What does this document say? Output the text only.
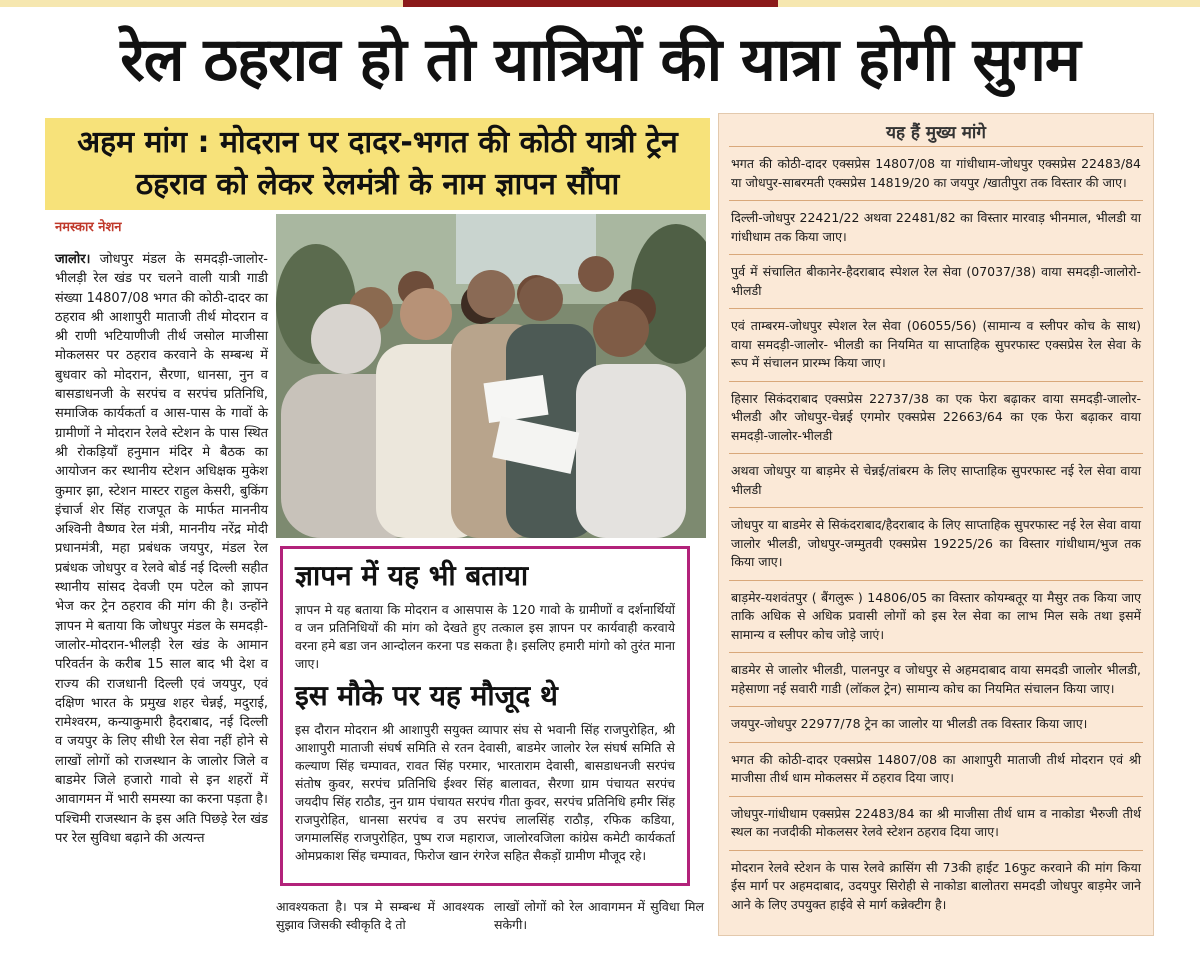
रेल ठहराव हो तो यात्रियों की यात्रा होगी सुगम
अहम मांग : मोदरान पर दादर-भगत की कोठी यात्री ट्रेन
ठहराव को लेकर रेलमंत्री के नाम ज्ञापन सौंपा
नमस्कार नेशन
जालोर। जोधपुर मंडल के समदड़ी-जालोर-भीलड़ी रेल खंड पर चलने वाली यात्री गाडी संख्या 14807/08 भगत की कोठी-दादर का ठहराव श्री आशापुरी माताजी तीर्थ मोदरान व श्री राणी भटियाणीजी तीर्थ जसोल माजीसा मोकलसर पर ठहराव करवाने के सम्बन्ध में बुधवार को मोदरान, सैरणा, धानसा, नुन व बासडाधनजी के सरपंच व सरपंच प्रतिनिधि, समाजिक कार्यकर्ता व आस-पास के गावों के ग्रामीणों ने मोदरान रेलवे स्टेशन के पास स्थित श्री रोकड़ियाँ हनुमान मंदिर मे बैठक का आयोजन कर स्थानीय स्टेशन अधिक्षक मुकेश कुमार झा, स्टेशन मास्टर राहुल केसरी, बुकिंग इंचार्ज शेर सिंह राजपूत के मार्फत माननीय अश्विनी वैष्णव रेल मंत्री, माननीय नरेंद्र मोदी प्रधानमंत्री, महा प्रबंधक जयपुर, मंडल रेल प्रबंधक जोधपुर व रेलवे बोर्ड नई दिल्ली सहीत स्थानीय सांसद देवजी एम पटेल को ज्ञापन भेज कर ट्रेन ठहराव की मांग की है। उन्होंने ज्ञापन मे बताया कि जोधपुर मंडल के समदड़ी-जालोर-मोदरान-भीलड़ी रेल खंड के आमान परिवर्तन के करीब 15 साल बाद भी देश व राज्य की राजधानी दिल्ली एवं जयपुर, एवं दक्षिण भारत के प्रमुख शहर चेन्नई, मदुराई, रामेश्वरम, कन्याकुमारी हैदराबाद, नई दिल्ली व जयपुर के लिए सीधी रेल सेवा नहीं होने से लाखों लोगों को राजस्थान के जालोर जिले व बाडमेर जिले हजारो गावो से इन शहरों में आवागमन में भारी समस्या का करना पड़ता है। पश्चिमी राजस्थान के इस अति पिछड़े रेल खंड पर रेल सुविधा बढ़ाने की अत्यन्त
ज्ञापन में यह भी बताया

ज्ञापन मे यह बताया कि मोदरान व आसपास के 120 गावो के ग्रामीणों व दर्शनार्थियों व जन प्रतिनिधियों की मांग को देखते हुए तत्काल इस ज्ञापन पर कार्यवाही करवाये वरना हमे बडा जन आन्दोलन करना पड सकता है। इसलिए हमारी मांगो को तुरंत माना जाए।

इस मौके पर यह मौजूद थे

इस दौरान मोदरान श्री आशापुरी सयुक्त व्यापार संघ से भवानी सिंह राजपुरोहित, श्री आशापुरी माताजी संघर्ष समिति से रतन देवासी, बाडमेर जालोर रेल संघर्ष समिति से कल्याण सिंह चम्पावत, रावत सिंह परमार, भारताराम देवासी, बासडाधनजी सरपंच संतोष कुवर, सरपंच प्रतिनिधि ईश्वर सिंह बालावत, सैरणा ग्राम पंचायत सरपंच जयदीप सिंह राठौड, नुन ग्राम पंचायत सरपंच गीता कुवर, सरपंच प्रतिनिधि हमीर सिंह राजपुरोहित, धानसा सरपंच व उप सरपंच लालसिंह राठौड़, रफिक कडिया, जगमालसिंह राजपुरोहित, पुष्प राज महाराज, जालोरवजिला कांग्रेस कमेटी कार्यकर्ता ओमप्रकाश सिंह चम्पावत, फिरोज खान रंगरेज सहित सैकड़ों ग्रामीण मौजूद रहे।

आवश्यकता है। पत्र मे सम्बन्ध में आवश्यक सुझाव जिसकी स्वीकृति दे तो
लाखों लोगों को रेल आवागमन में सुविधा मिल सकेगी।
यह हैं मुख्य मांगे
भगत की कोठी-दादर एक्सप्रेस 14807/08 या गांधीधाम-जोधपुर एक्सप्रेस 22483/84 या जोधपुर-साबरमती एक्सप्रेस 14819/20 का जयपुर /खातीपुरा तक विस्तार की जाए।
दिल्ली-जोधपुर 22421/22 अथवा 22481/82 का विस्तार मारवाड़ भीनमाल, भीलडी या गांधीधाम तक किया जाए।
पुर्व में संचालित बीकानेर-हैदराबाद स्पेशल रेल सेवा (07037/38) वाया समदड़ी-जालोरो-भीलडी
एवं ताम्बरम-जोधपुर स्पेशल रेल सेवा (06055/56) (सामान्य व स्लीपर कोच के साथ) वाया समदड़ी-जालोर- भीलडी का नियमित या साप्ताहिक सुपरफास्ट एक्सप्रेस रेल सेवा के रूप में संचालन प्रारम्भ किया जाए।
हिसार सिकंदराबाद एक्सप्रेस 22737/38 का एक फेरा बढ़ाकर वाया समदड़ी-जालोर- भीलडी और जोधपुर-चेन्नई एगमोर एक्सप्रेस 22663/64 का एक फेरा बढ़ाकर वाया समदड़ी-जालोर-भीलडी
अथवा जोधपुर या बाड़मेर से चेन्नई/तांबरम के लिए साप्ताहिक सुपरफास्ट नई रेल सेवा वाया भीलडी
जोधपुर या बाडमेर से सिकंदराबाद/हैदराबाद के लिए साप्ताहिक सुपरफास्ट नई रेल सेवा वाया जालोर भीलडी, जोधपुर-जम्मुतवी एक्सप्रेस 19225/26 का विस्तार गांधीधाम/भुज तक किया जाए।
बाड़मेर-यशवंतपुर ( बैंगलुरू ) 14806/05 का विस्तार कोयम्बतूर या मैसुर तक किया जाए ताकि अधिक से अधिक प्रवासी लोगों को इस रेल सेवा का लाभ मिल सके तथा इसमें सामान्य व स्लीपर कोच जोड़े जाएं।
बाडमेर से जालोर भीलडी, पालनपुर व जोधपुर से अहमदाबाद वाया समदडी जालोर भीलडी, महेसाणा नई सवारी गाडी (लॉकल ट्रेन) सामान्य कोच का नियमित संचालन किया जाए।
जयपुर-जोधपुर 22977/78 ट्रेन का जालोर या भीलडी तक विस्तार किया जाए।
भगत की कोठी-दादर एक्सप्रेस 14807/08 का आशापुरी माताजी तीर्थ मोदरान एवं श्री माजीसा तीर्थ धाम मोकलसर में ठहराव दिया जाए।
जोधपुर-गांधीधाम एक्सप्रेस 22483/84 का श्री माजीसा तीर्थ धाम व नाकोडा भैरुजी तीर्थ स्थल का नजदीकी मोकलसर रेलवे स्टेशन ठहराव दिया जाए।
मोदरान रेलवे स्टेशन के पास रेलवे क्रासिंग सी 73की हाईट 16फुट करवाने की मांग किया ईस मार्ग पर अहमदाबाद, उदयपुर सिरोही से नाकोडा बालोतरा समदडी जोधपुर बाड़मेर जाने आने के लिए उपयुक्त हाईवे से मार्ग कन्नेक्टीग है।
